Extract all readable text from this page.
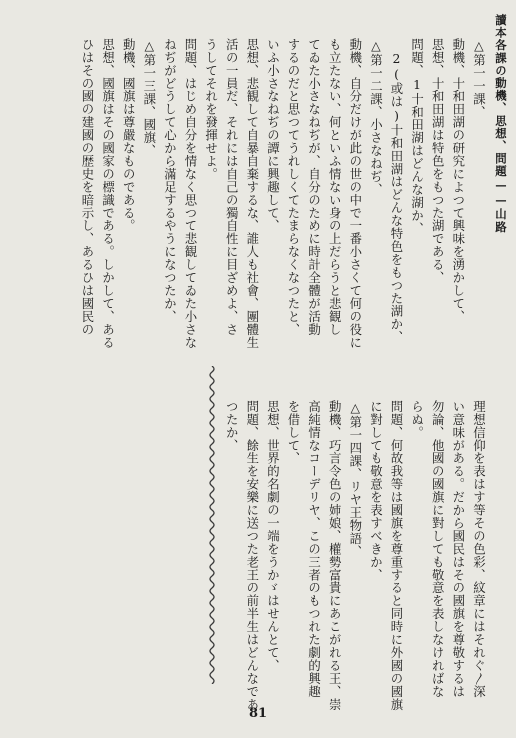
讀本各課の動機、思想、問題——山路
△第一一課、
動機、十和田湖の研究によつて興味を湧かして、
思想、十和田湖は特色をもつた湖である、
問題、1十和田湖はどんな湖か、
　2(或は)十和田湖はどんな特色をもつた湖か、
△第一二課、小さなねぢ、
動機、自分だけが此の世の中で一番小さくて何の役に
も立たない、何といふ情ない身の上だらうと悲観し
てゐた小さなねぢが、自分のために時計全體が活動
するのだと思つてうれしくてたまらなくなつたと、
いふ小さなねぢの譚に興趣して、
思想、悲観して自暴自棄するな、誰人も社會、團體生
活の一員だ、それには自己の獨自性に目ざめよ、さ
うしてそれを發揮せよ。
問題、はじめ自分を情なく思つて悲観してゐた小さな
ねぢがどうして心から滿足するやうになつたか、
△第一三課、國旗、
動機、國旗は尊嚴なものである。
思想、國旗はその國家の標識である。しかして、ある
ひはその國の建國の歴史を暗示し、あるひは國民の
理想信仰を表はす等その色彩、紋章にはそれぐ〳深
い意味がある。だから國民はその國旗を尊敬するは
勿論、他國の國旗に對しても敬意を表しなければな
らぬ。
問題、何故我等は國旗を尊重すると同時に外國の國旗
に對しても敬意を表すべきか、
△第一四課、リヤ王物語、
動機、巧言令色の姉娘、權勢富貴にあこがれる王、崇
高純情なコーデリヤ、この三者のもつれた劇的興趣
を借して、
思想、世界的名劇の一端をうかゞはせんとて、
問題、餘生を安樂に送つた老王の前半生はどんなであ
つたか、
81
